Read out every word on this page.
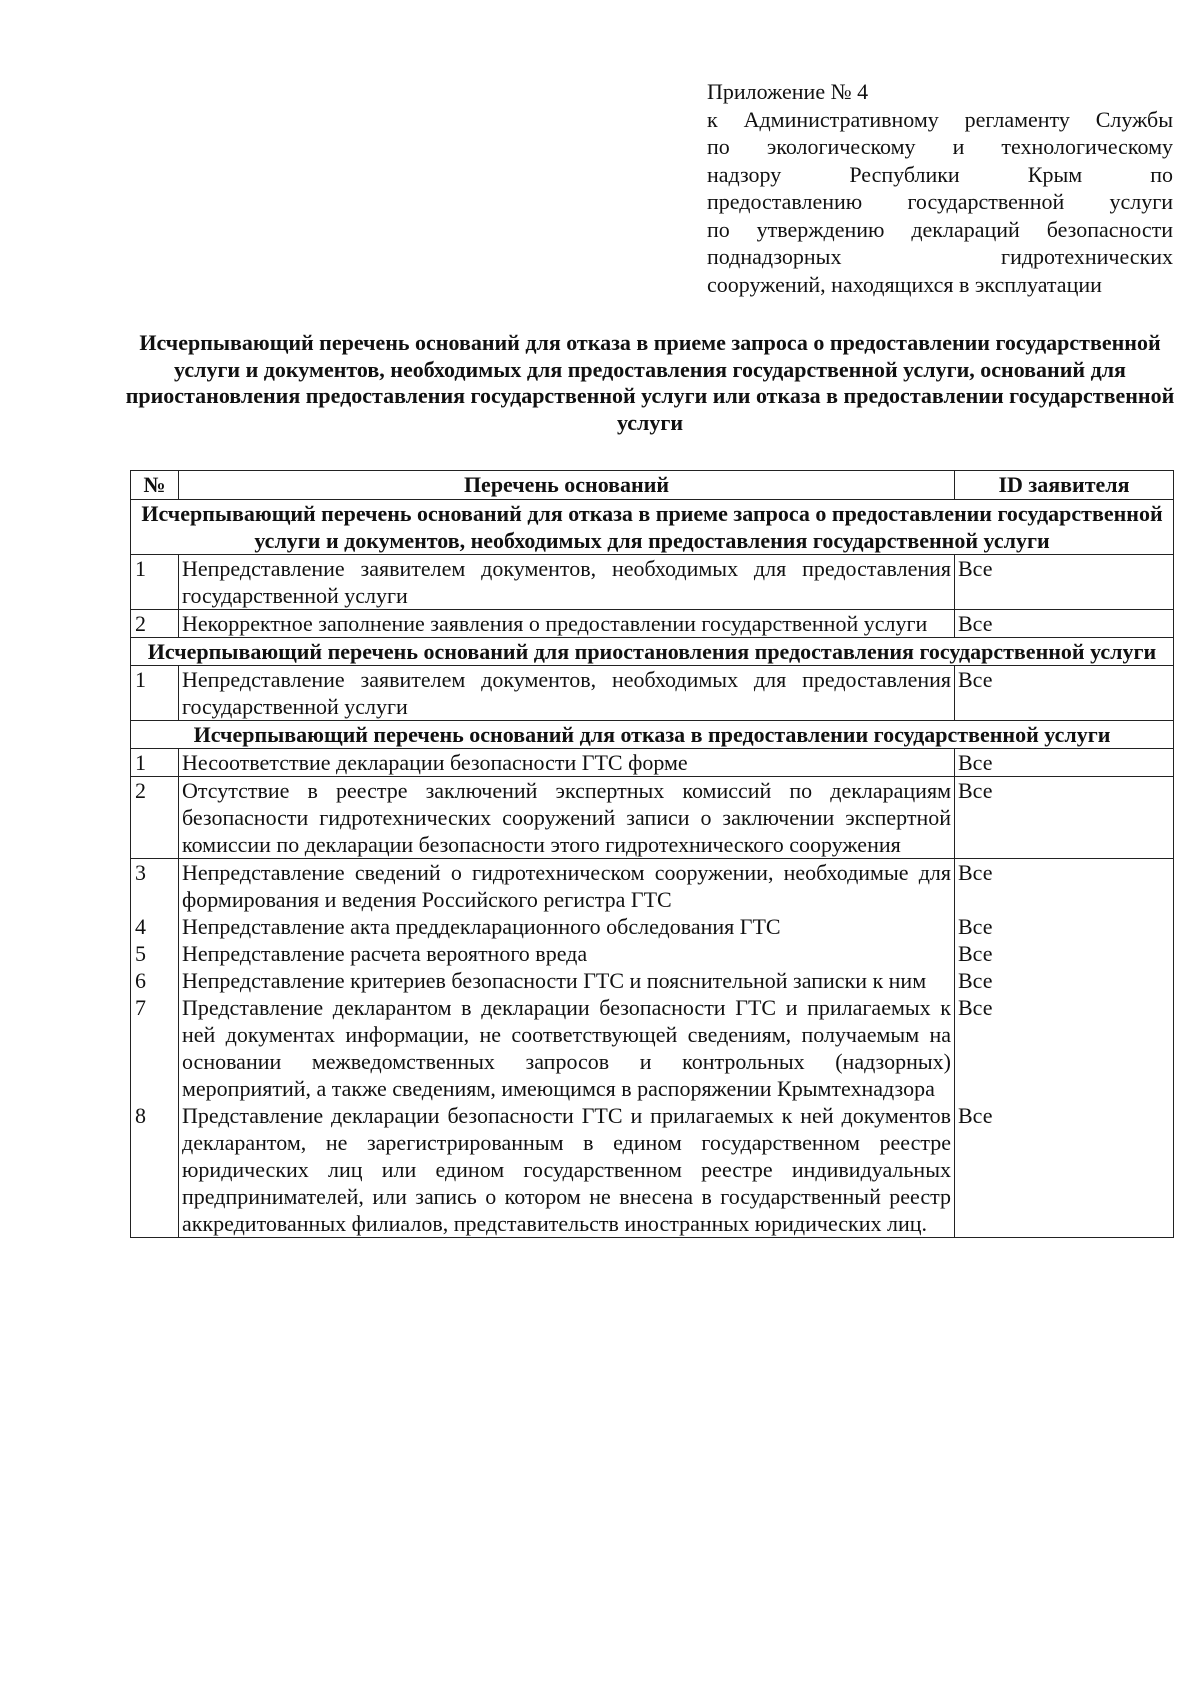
Приложение № 4
к Административному регламенту Службы
по экологическому и технологическому
надзору Республики Крым по
предоставлению государственной услуги
по утверждению деклараций безопасности
поднадзорных гидротехнических
сооружений, находящихся в эксплуатации
Исчерпывающий перечень оснований для отказа в приеме запроса о предоставлении государственной услуги и документов, необходимых для предоставления государственной услуги, оснований для приостановления предоставления государственной услуги или отказа в предоставлении государственной услуги
№	Перечень оснований	ID заявителя
Исчерпывающий перечень оснований для отказа в приеме запроса о предоставлении государственной услуги и документов, необходимых для предоставления государственной услуги		
1	Непредставление заявителем документов, необходимых для предоставления государственной услуги	Все
2	Некорректное заполнение заявления о предоставлении государственной услуги	Все
Исчерпывающий перечень оснований для приостановления предоставления государственной услуги		
1	Непредставление заявителем документов, необходимых для предоставления государственной услуги	Все
Исчерпывающий перечень оснований для отказа в предоставлении государственной услуги		
1	Несоответствие декларации безопасности ГТС форме	Все
2	Отсутствие в реестре заключений экспертных комиссий по декларациям безопасности гидротехнических сооружений записи о заключении экспертной комиссии по декларации безопасности этого гидротехнического сооружения	Все
3	Непредставление сведений о гидротехническом сооружении, необходимые для формирования и ведения Российского регистра ГТС	Все
4	Непредставление акта преддекларационного обследования ГТС	Все
5	Непредставление расчета вероятного вреда	Все
6	Непредставление критериев безопасности ГТС и пояснительной записки к ним	Все
7	Представление декларантом в декларации безопасности ГТС и прилагаемых к ней документах информации, не соответствующей сведениям, получаемым на основании межведомственных запросов и контрольных (надзорных) мероприятий, а также сведениям, имеющимся в распоряжении Крымтехнадзора	Все
8	Представление декларации безопасности ГТС и прилагаемых к ней документов декларантом, не зарегистрированным в едином государственном реестре юридических лиц или едином государственном реестре индивидуальных предпринимателей, или запись о котором не внесена в государственный реестр аккредитованных филиалов, представительств иностранных юридических лиц.	Все
